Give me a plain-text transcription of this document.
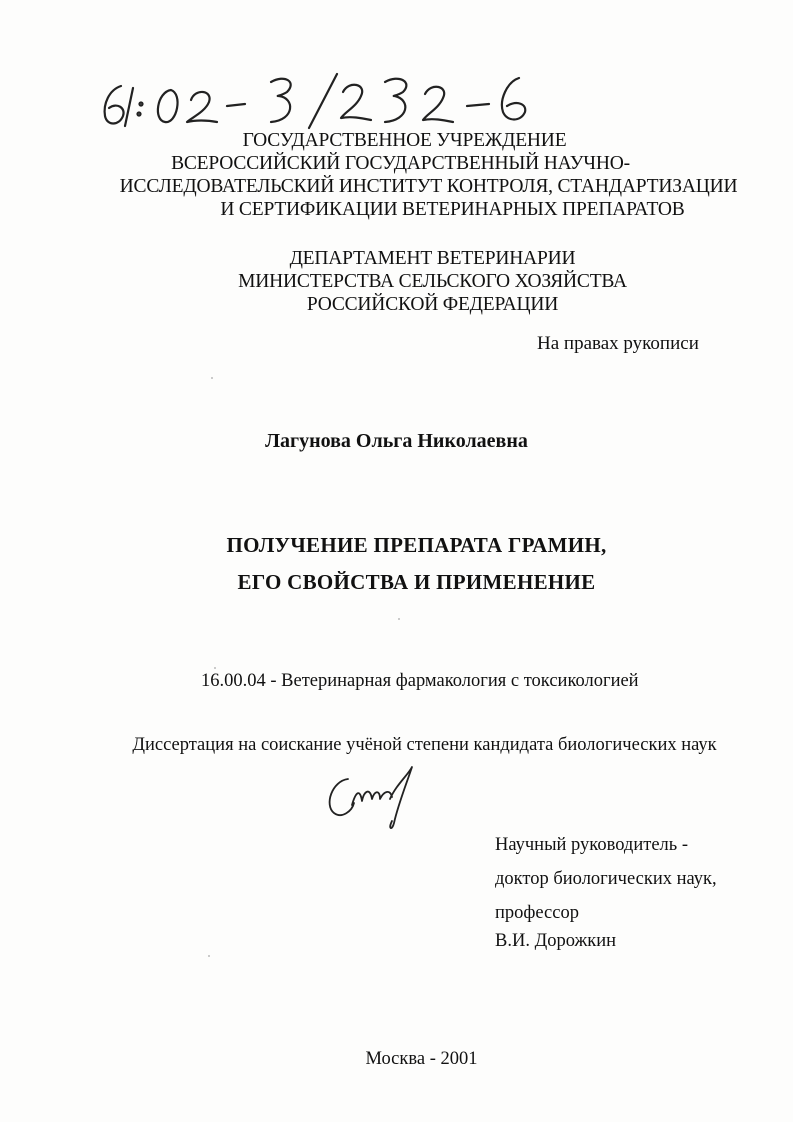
ГОСУДАРСТВЕННОЕ УЧРЕЖДЕНИЕ
ВСЕРОССИЙСКИЙ ГОСУДАРСТВЕННЫЙ НАУЧНО-
ИССЛЕДОВАТЕЛЬСКИЙ ИНСТИТУТ КОНТРОЛЯ, СТАНДАРТИЗАЦИИ
И СЕРТИФИКАЦИИ ВЕТЕРИНАРНЫХ ПРЕПАРАТОВ
ДЕПАРТАМЕНТ ВЕТЕРИНАРИИ
МИНИСТЕРСТВА СЕЛЬСКОГО ХОЗЯЙСТВА
РОССИЙСКОЙ ФЕДЕРАЦИИ
На правах рукописи
Лагунова Ольга Николаевна
ПОЛУЧЕНИЕ ПРЕПАРАТА ГРАМИН,
ЕГО СВОЙСТВА И ПРИМЕНЕНИЕ
16.00.04 - Ветеринарная фармакология с токсикологией
Диссертация на соискание учёной степени кандидата биологических наук
Научный руководитель -
доктор биологических наук,
профессор
В.И. Дорожкин
Москва - 2001
